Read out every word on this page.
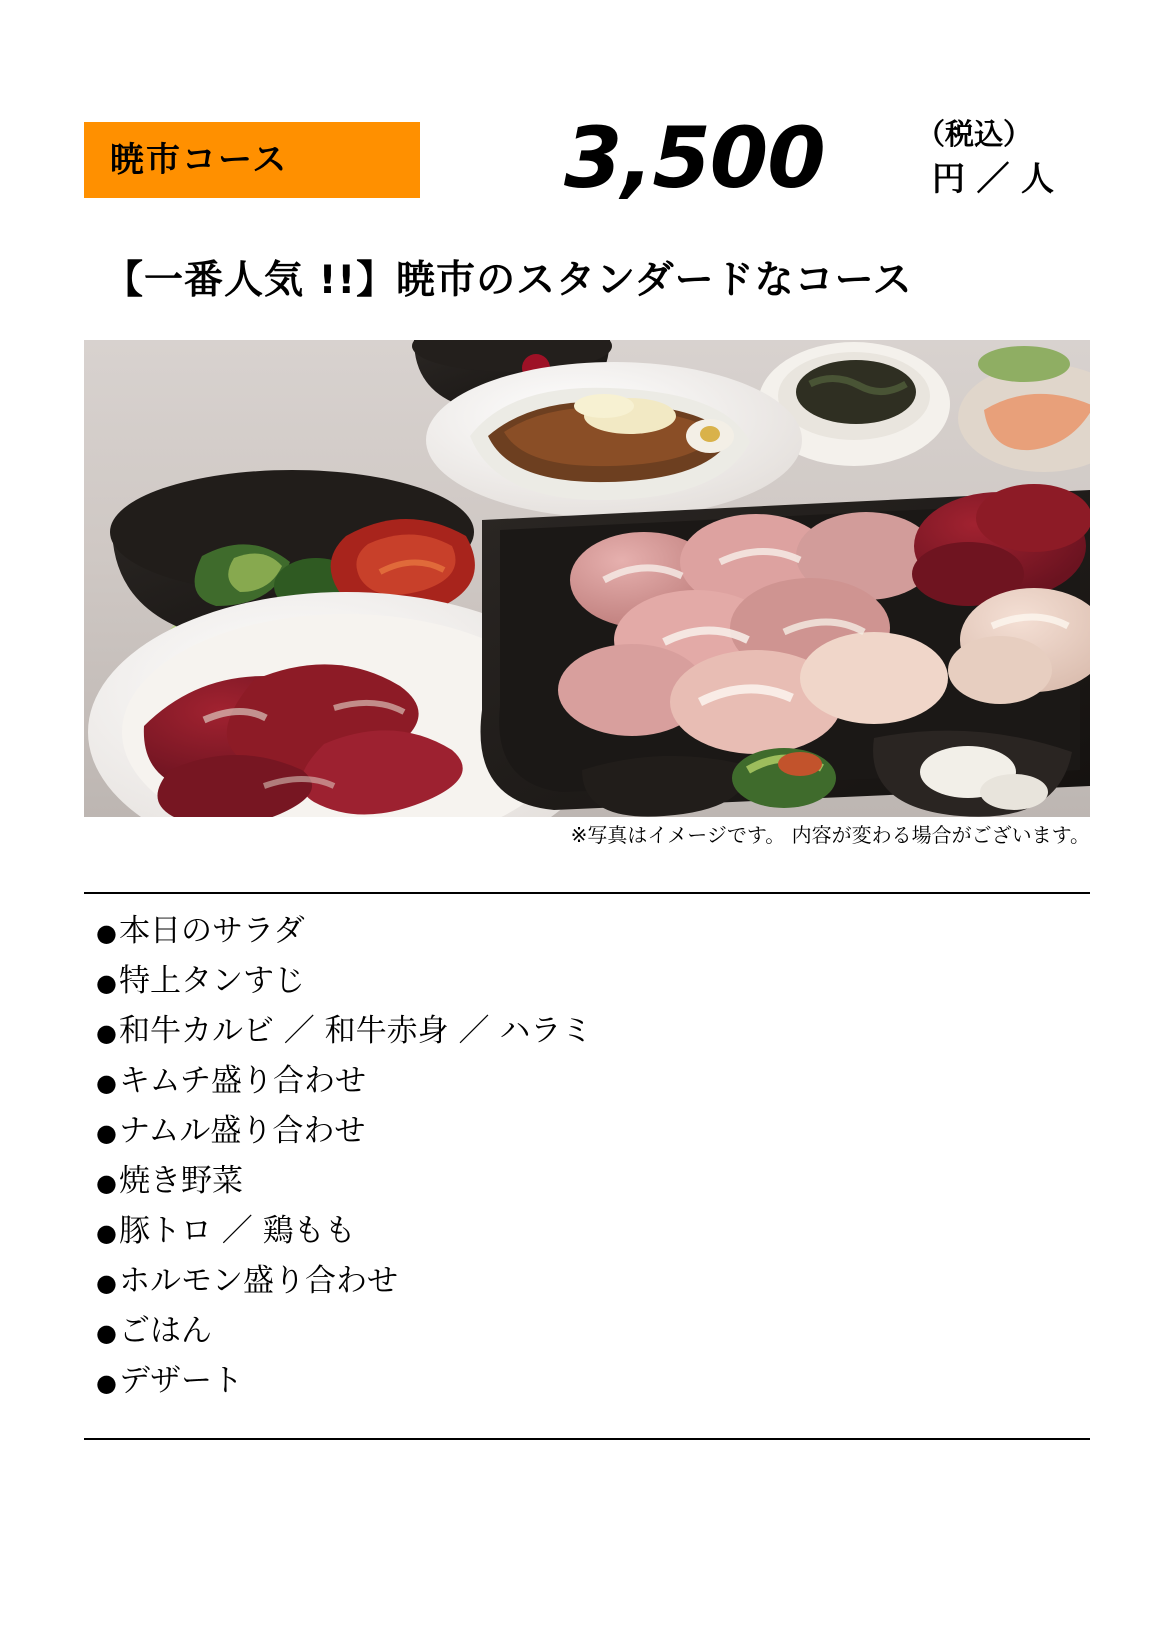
暁市コース	3,500	（税込）
円 ／ 人
【一番人気 !!】暁市のスタンダードなコース
※写真はイメージです。 内容が変わる場合がございます。
● 本日のサラダ
● 特上タンすじ
● 和牛カルビ ／ 和牛赤身 ／ ハラミ
● キムチ盛り合わせ
● ナムル盛り合わせ
● 焼き野菜
● 豚トロ ／ 鶏もも
● ホルモン盛り合わせ
● ごはん
● デザート
